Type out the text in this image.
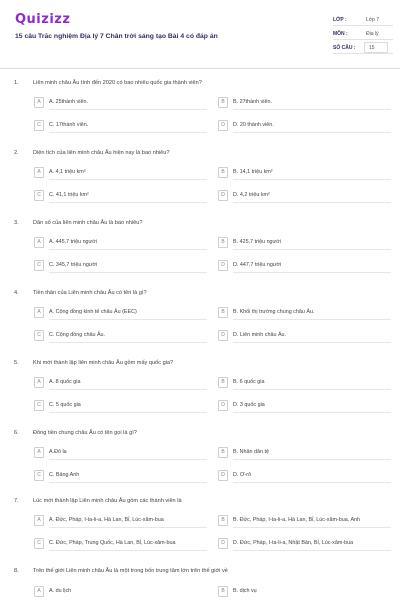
Quizizz
15 câu Trắc nghiệm Địa lý 7 Chân trời sáng tạo Bài 4 có đáp án
LỚP :	Lớp 7
MÔN :	Địa lý
SỐ CÂU :	15
1.	Liên minh châu Âu tính đến 2020 có bao nhiêu quốc gia thành viên?
A	A. 25thành viên.	B	B. 27thành viên.
C	C. 17thành viên.	D	D. 20 thành viên.
2.	Diện tích của liên minh châu Âu hiện nay là bao nhiêu?
A	A. 4,1 triệu km²	B	B. 14,1 triệu km²
C	C. 41,1 triệu km²	D	D. 4,2 triệu km²
3.	Dân số của liên minh châu Âu là bao nhiêu?
A	A. 445,7 triệu người	B	B. 425,7 triệu người
C	C. 345,7 triệu người	D	D. 447,7 triệu người
4.	Tiền thân của Liên minh châu Âu có tên là gì?
A	A. Cộng đồng kinh tế châu Âu (EEC)	B	B. Khối thị trường chung châu Âu.
C	C. Cộng đồng châu Âu.	D	D. Liên minh châu Âu.
5.	Khi mới thành lập liên minh châu Âu gồm mấy quốc gia?
A	A. 8 quốc gia	B	B. 6 quốc gia
C	C. 5 quốc gia	D	D. 3 quốc gia
6.	Đồng tiền chung châu Âu có tên gọi là gì?
A	A.Đô la	B	B. Nhân dân tệ
C	C. Bảng Anh	D	D. Ơ-rô
7.	Lúc mới thành lập Liên minh châu Âu gồm các thành viên là
A	A. Đức, Pháp, I-ta-li-a, Hà Lan, Bỉ, Lúc-xăm-bua	B	B. Đức, Pháp, I-ta-li-a, Hà Lan, Bỉ, Lúc-xăm-bua, Anh
C	C. Đức, Pháp, Trung Quốc, Hà Lan, Bỉ, Lúc-xăm-bua	D	D. Đức, Pháp, I-ta-li-a, Nhật Bản, Bỉ, Lúc-xăm-bua
8.	Trên thế giới Liên minh châu Âu là một trong bốn trung tâm lớn trên thế giới về
A	A. du lịch	B	B. dịch vụ
